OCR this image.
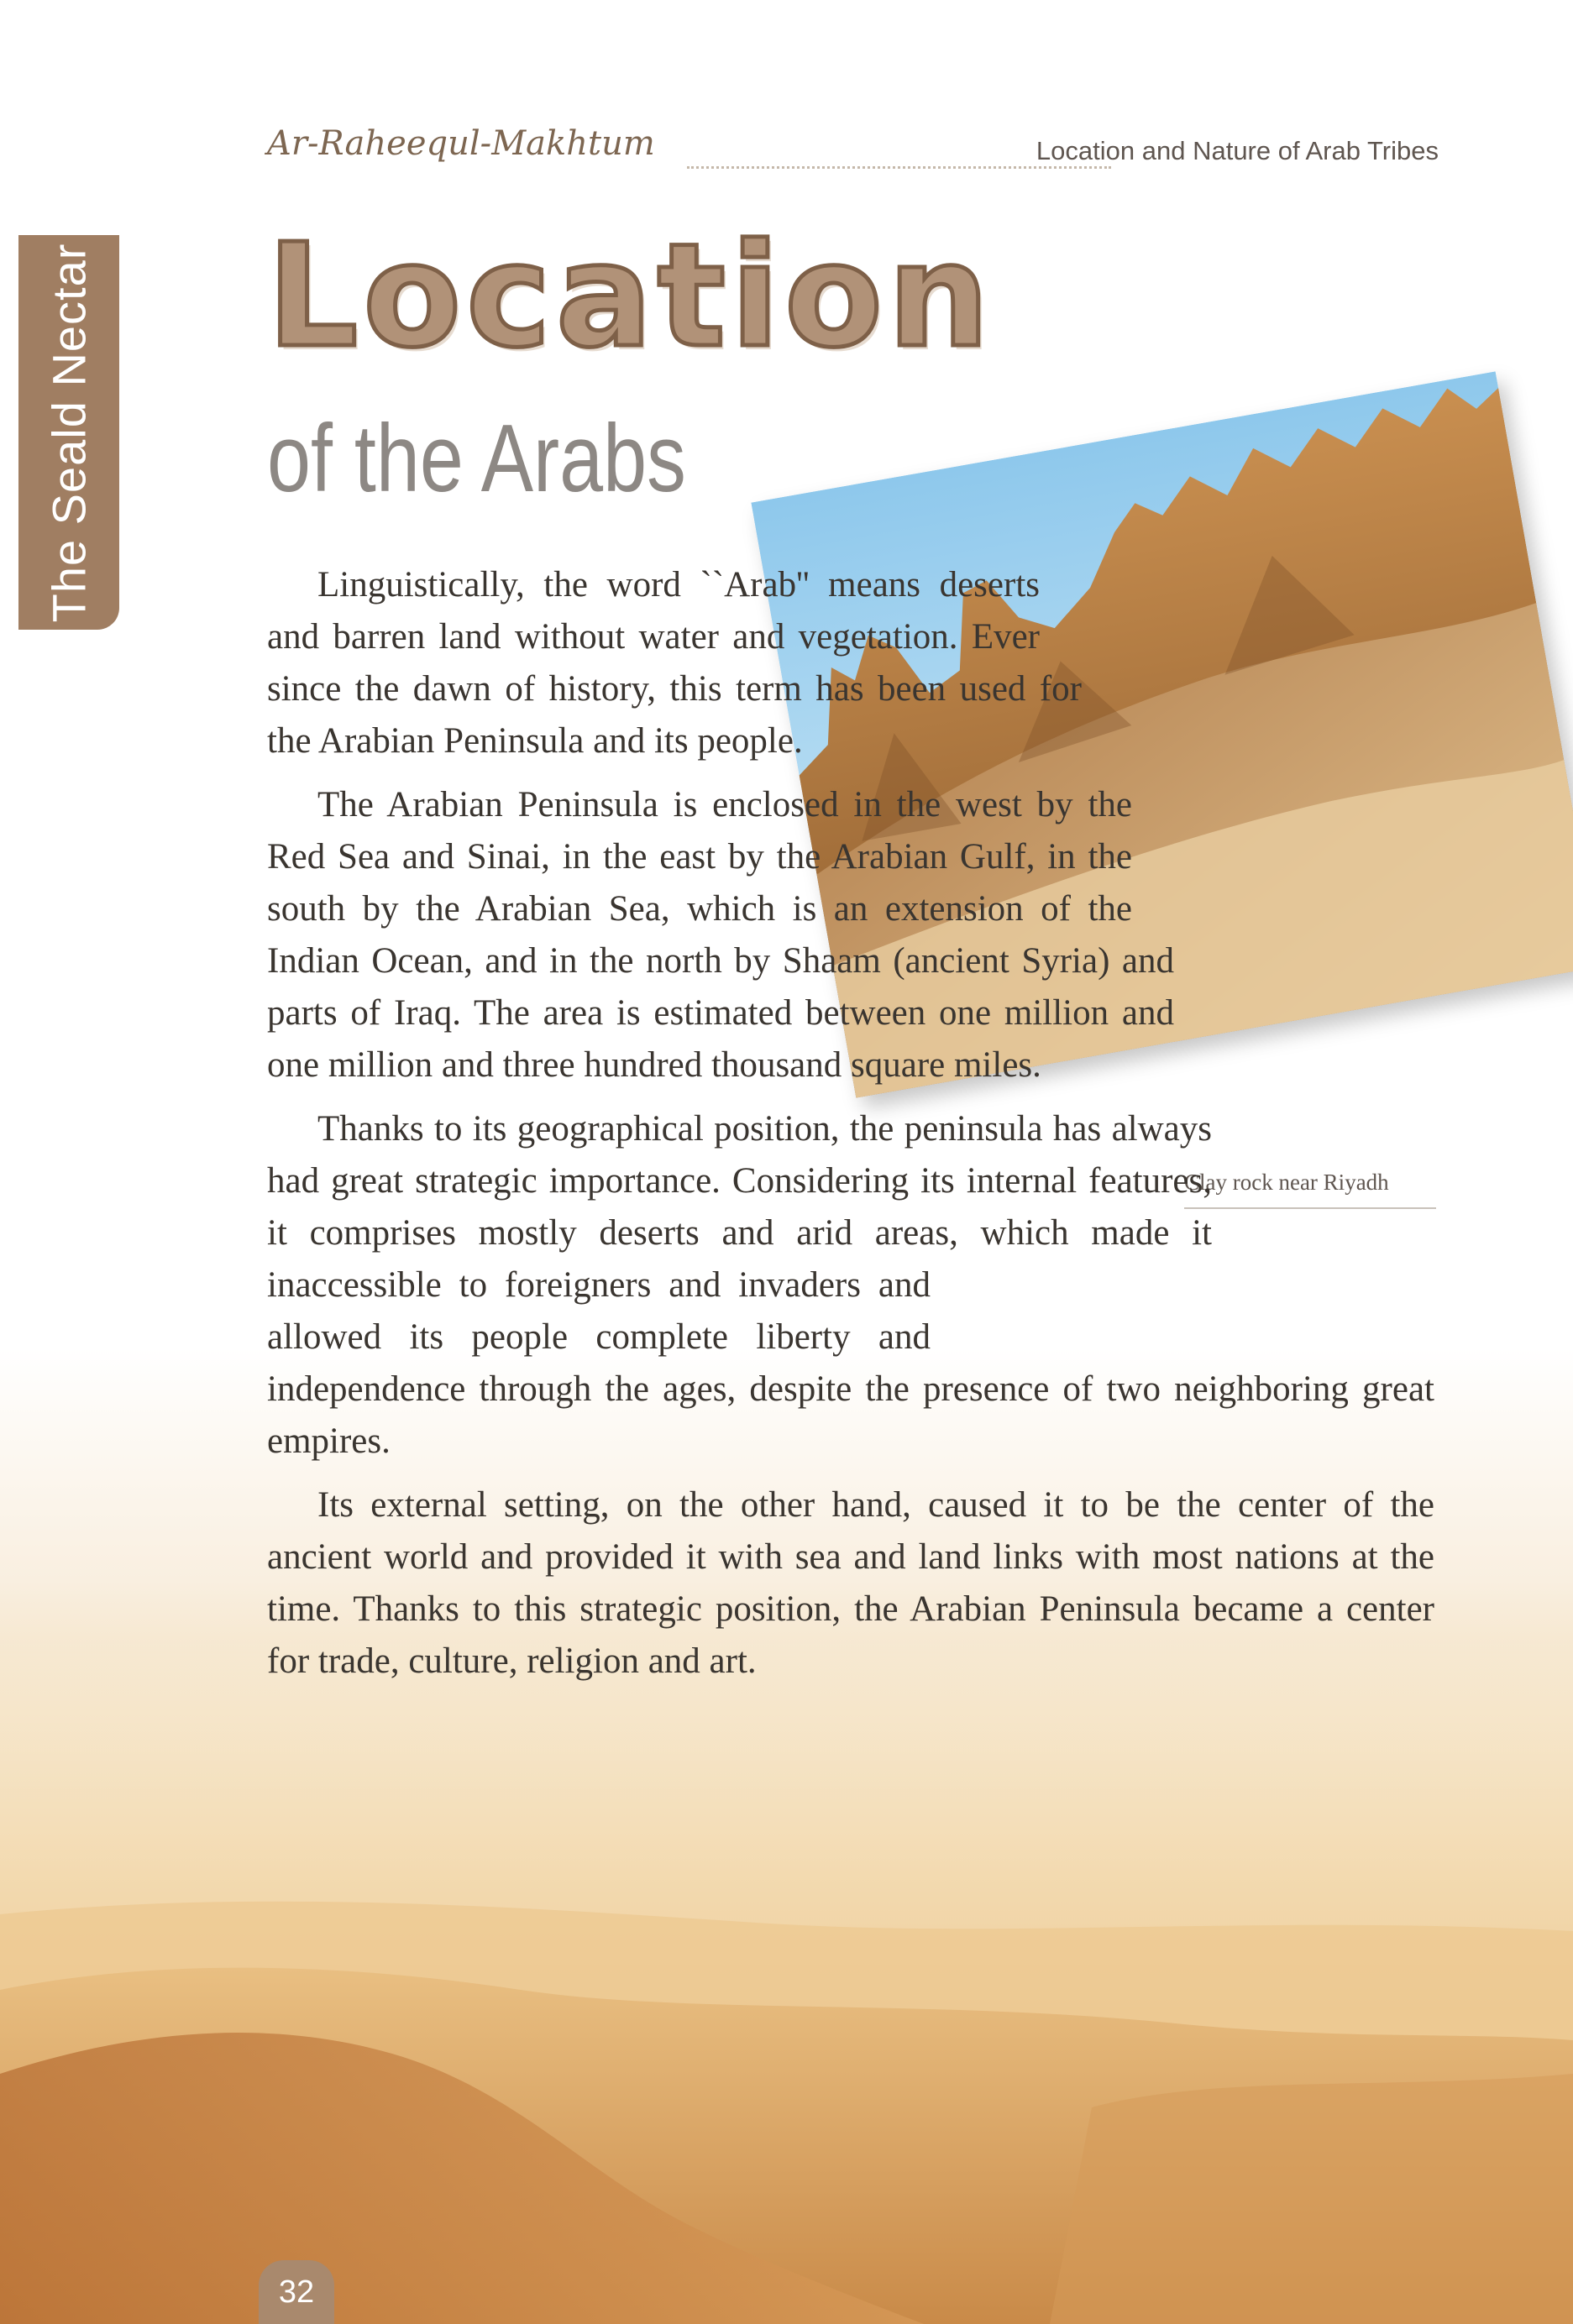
The Seald Nectar
Ar-Raheequl-Makhtum	Location and Nature of Arab Tribes
Location
of the Arabs
Clay rock near Riyadh

Linguistically, the word ``Arab'' means deserts and barren land without water and vegetation. Ever since the dawn of history, this term has been used for the Arabian Peninsula and its people.

The Arabian Peninsula is enclosed in the west by the Red Sea and Sinai, in the east by the Arabian Gulf, in the south by the Arabian Sea, which is an extension of the Indian Ocean, and in the north by Shaam (ancient Syria) and parts of Iraq. The area is estimated between one million and one million and three hundred thousand square miles.

Thanks to its geographical position, the peninsula has always had great strategic importance. Considering its internal features, it comprises mostly deserts and arid areas, which made it inaccessible to foreigners and invaders and allowed its people complete liberty and independence through the ages, despite the presence of two neighboring great empires.

Its external setting, on the other hand, caused it to be the center of the ancient world and provided it with sea and land links with most nations at the time. Thanks to this strategic position, the Arabian Peninsula became a center for trade, culture, religion and art.

32
